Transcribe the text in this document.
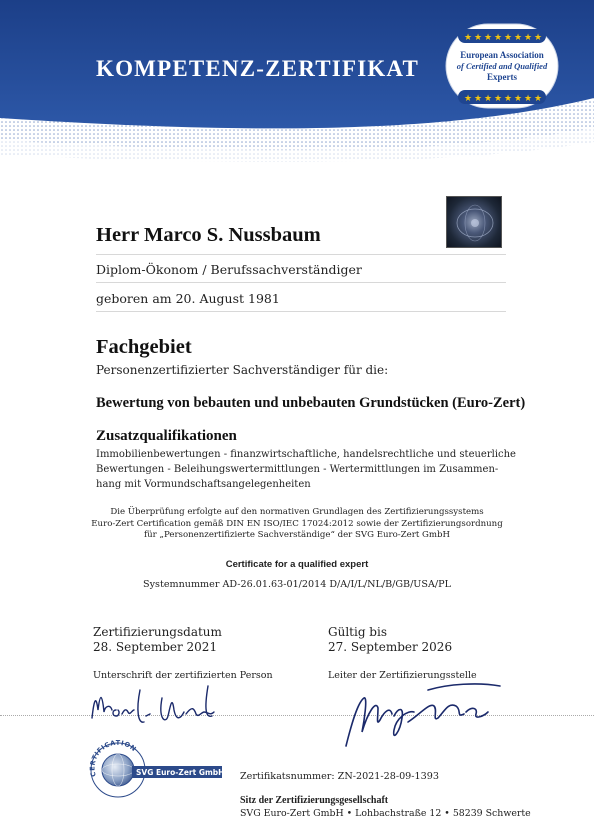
KOMPETENZ-ZERTIFIKAT
★ ★ ★ ★ ★ ★ ★ ★
★ ★ ★ ★ ★ ★ ★ ★
European Association
of Certified and Qualified
Experts
Herr Marco S. Nussbaum
Diplom-Ökonom / Berufssachverständiger
geboren am 20. August 1981
Fachgebiet
Personenzertifizierter Sachverständiger für die:
Bewertung von bebauten und unbebauten Grundstücken (Euro-Zert)
Zusatzqualifikationen
Immobilienbewertungen - finanzwirtschaftliche, handelsrechtliche und steuerliche
Bewertungen - Beleihungswertermittlungen - Wertermittlungen im Zusammen-
hang mit Vormundschaftsangelegenheiten
Die Überprüfung erfolgte auf den normativen Grundlagen des Zertifizierungssystems
Euro-Zert Certification gemäß DIN EN ISO/IEC 17024:2012 sowie der Zertifizierungsordnung
für „Personenzertifizierte Sachverständige“ der SVG Euro-Zert GmbH
Certificate for a qualified expert
Systemnummer AD-26.01.63-01/2014 D/A/I/L/NL/B/GB/USA/PL
Zertifizierungsdatum
28. September 2021
Gültig bis
27. September 2026
Unterschrift der zertifizierten Person	Leiter der Zertifizierungsstelle
CERTIFICATION
SVG Euro-Zert GmbH Zertifikatsnummer: ZN-2021-28-09-1393
Sitz der Zertifizierungsgesellschaft
SVG Euro-Zert GmbH • Lohbachstraße 12 • 58239 Schwerte
